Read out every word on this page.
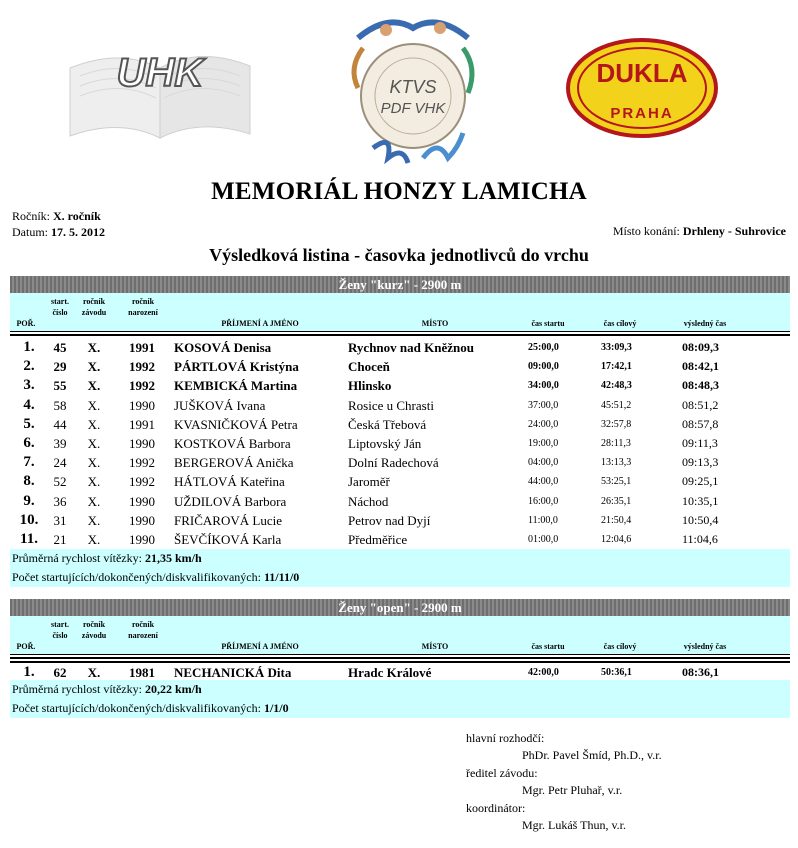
UHK	KTVS
PDF VHK
DUKLA
PRAHA
MEMORIÁL HONZY LAMICHA
Ročník: X. ročník
Datum: 17. 5. 2012	Místo konání: Drhleny - Suhrovice
Výsledková listina - časovka jednotlivců do vrchu
Ženy "kurz" - 2900 m
start.
číslo
ročník
závodu
ročník
narození
POŘ.	PŘÍJMENÍ A JMÉNO	MÍSTO	čas startu	čas cílový	výsledný čas
1.	45	X.	1991	KOSOVÁ Denisa	Rychnov nad Kněžnou	25:00,0	33:09,3	08:09,3
2.	29	X.	1992	PÁRTLOVÁ Kristýna	Choceň	09:00,0	17:42,1	08:42,1
3.	55	X.	1992	KEMBICKÁ Martina	Hlinsko	34:00,0	42:48,3	08:48,3
4.	58	X.	1990	JUŠKOVÁ Ivana	Rosice u Chrasti	37:00,0	45:51,2	08:51,2
5.	44	X.	1991	KVASNIČKOVÁ Petra	Česká Třebová	24:00,0	32:57,8	08:57,8
6.	39	X.	1990	KOSTKOVÁ Barbora	Liptovský Ján	19:00,0	28:11,3	09:11,3
7.	24	X.	1992	BERGEROVÁ Anička	Dolní Radechová	04:00,0	13:13,3	09:13,3
8.	52	X.	1992	HÁTLOVÁ Kateřina	Jaroměř	44:00,0	53:25,1	09:25,1
9.	36	X.	1990	UŽDILOVÁ Barbora	Náchod	16:00,0	26:35,1	10:35,1
10.	31	X.	1990	FRIČAROVÁ Lucie	Petrov nad Dyjí	11:00,0	21:50,4	10:50,4
11.	21	X.	1990	ŠEVČÍKOVÁ Karla	Předměřice	01:00,0	12:04,6	11:04,6
Průměrná rychlost vítězky: 21,35 km/h
Počet startujících/dokončených/diskvalifikovaných: 11/11/0
Ženy "open" - 2900 m
start.
číslo
ročník
závodu
ročník
narození
POŘ.	PŘÍJMENÍ A JMÉNO	MÍSTO	čas startu	čas cílový	výsledný čas
1.	62	X.	1981	NECHANICKÁ Dita	Hradc Králové	42:00,0	50:36,1	08:36,1
Průměrná rychlost vítězky: 20,22 km/h
Počet startujících/dokončených/diskvalifikovaných: 1/1/0
hlavní rozhodčí:
PhDr. Pavel Šmíd, Ph.D., v.r.
ředitel závodu:
Mgr. Petr Pluhař, v.r.
koordinátor:
Mgr. Lukáš Thun, v.r.
